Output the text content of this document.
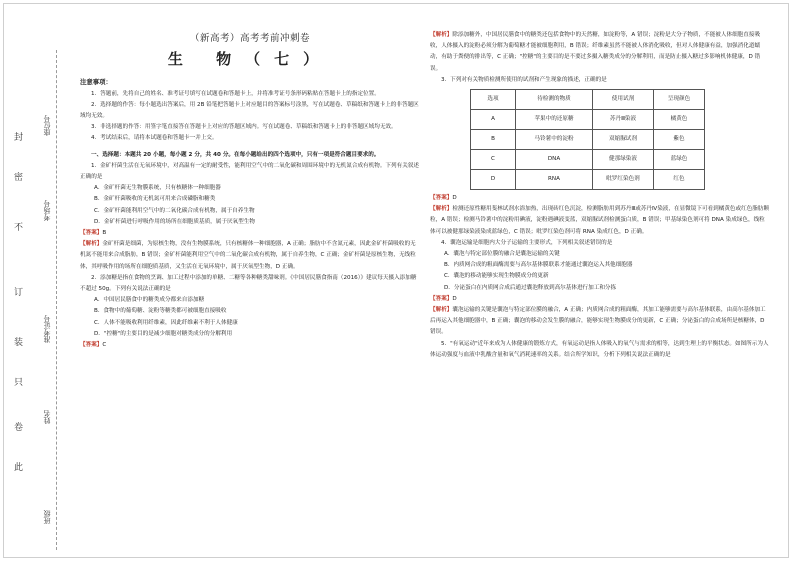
封
密
不
订
装
只
卷
此
座位号
考场号
准考证号
姓名
班级
（新高考）高考考前冲刺卷
生 物（七）
注意事项：

1．答题前，先将自己的姓名、准考证号填写在试题卷和答题卡上，并将准考证号条形码粘贴在答题卡上的指定位置。

2．选择题的作答：每小题选出答案后，用 2B 铅笔把答题卡上对应题目的答案标号涂黑，写在试题卷、草稿纸和答题卡上的非答题区域均无效。

3．非选择题的作答：用签字笔直接答在答题卡上对应的答题区域内。写在试题卷、草稿纸和答题卡上的非答题区域均无效。

4．考试结束后，请将本试题卷和答题卡一并上交。

一、选择题：本题共 20 小题，每小题 2 分，共 40 分。在每小题给出的四个选项中，只有一项是符合题目要求的。

1．金矿杆菌生活在无氧环境中，对高温有一定的耐受性，能利用空气中的二氧化碳和周围环境中的无机氮合成有机物。下列有关叙述正确的是

A．金矿杆菌无生物膜系统，只有核糖体一种细胞器

B．金矿杆菌吸收的无机氮可用来合成磷脂和糖类

C．金矿杆菌能利用空气中的二氧化碳合成有机物，属于自养生物

D．金矿杆菌进行呼吸作用的场所在细胞质基质，属于厌氧型生物

【答案】B

【解析】金矿杆菌是细菌，为原核生物，没有生物膜系统，只有核糖体一种细胞器，A 正确；脂肪中不含氮元素，因此金矿杆菌吸收的无机氮不能用来合成脂肪，B 错误；金矿杆菌能利用空气中的二氧化碳合成有机物，属于自养生物，C 正确；金矿杆菌是原核生物，无线粒体，其呼吸作用的场所在细胞质基质，又生活在无氧环境中，属于厌氧型生物，D 正确。

2．添加糖是指在食物的烹调、加工过程中添加的单糖、二糖等各种糖类甜味剂。《中国居民膳食指南（2016）》建议每天摄入添加糖不超过 50g。下列有关说法正确的是

A．中国居民膳食中的糖类成分都来自添加糖

B．食物中的葡萄糖、淀粉等糖类都可被细胞直接吸收

C．人体不能吸收利用纤维素，因此纤维素不利于人体健康

D．"控糖"的主要目的是减少细胞对糖类成分的分解利用

【答案】C

【解析】除添加糖外，中国居民膳食中的糖类还包括食物中的天然糖，如淀粉等，A 错误；淀粉是大分子物质，不能被人体细胞直接吸收，人体摄入的淀粉必须分解为葡萄糖才能被细胞利用，B 错误；纤维素虽然不能被人体消化吸收，但对人体健康有益，加强消化道蠕动，有助于粪便的排出等，C 正确；"控糖"的主要目的是不要过多摄入糖类成分的分解利用，而是防止摄入糖过多影响机体健康，D 错误。

3．下列对有关物质检测所使用的试剂和产生现象的描述，正确的是

选项	待检测的物质	使用试剂	呈现颜色
A	苹果中的还原糖	苏丹Ⅲ染液	橘黄色
B	马铃薯中的淀粉	双缩脲试剂	紫色
C	DNA	健那绿染液	蓝绿色
D	RNA	吡罗红染色剂	红色

【答案】D

【解析】检测还原性糖用斐林试剂水浴加热，出现砖红色沉淀，检测脂肪用到苏丹Ⅲ或苏丹Ⅳ染液，在显微镜下可看到橘黄色或红色脂肪颗粒，A 错误；检测马铃薯中的淀粉用碘液，淀粉遇碘液变蓝，双缩脲试剂检测蛋白质，B 错误；甲基绿染色剂可将 DNA 染成绿色，线粒体可以被健那绿染液染成蓝绿色，C 错误；吡罗红染色剂可将 RNA 染成红色，D 正确。

4．囊泡运输是细胞内大分子运输的主要形式，下列相关叙述错误的是

A．囊泡与特定部位膜的融合是囊泡运输的关键

B．内质网合成的粗面酶需要与高尔基体膜联系才能通过囊泡运入其他细胞器

C．囊泡的移动能够实现生物膜成分的更新

D．分泌蛋白在内质网合成后通过囊泡释放到高尔基体进行加工和分拣

【答案】D

【解析】囊泡运输的关键是囊泡与特定部位膜的融合，A 正确；内质网合成的粗面酶，其加工能够需要与高尔基体联系，由高尔基体加工后再运入其他细胞器中，B 正确；囊泡的移动会发生膜的融合，能够实现生物膜成分的更新，C 正确；分泌蛋白的合成场所是核糖体，D 错误。

5．"有氧运动"近年来成为人体健康的锻炼方式，有氧运动是指人体吸入的氧气与需求的相等，达到生理上的平衡状态。如图所示为人体运动强度与血液中乳酸含量和氧气消耗速率的关系。结合所学知识，分析下列相关说法正确的是
